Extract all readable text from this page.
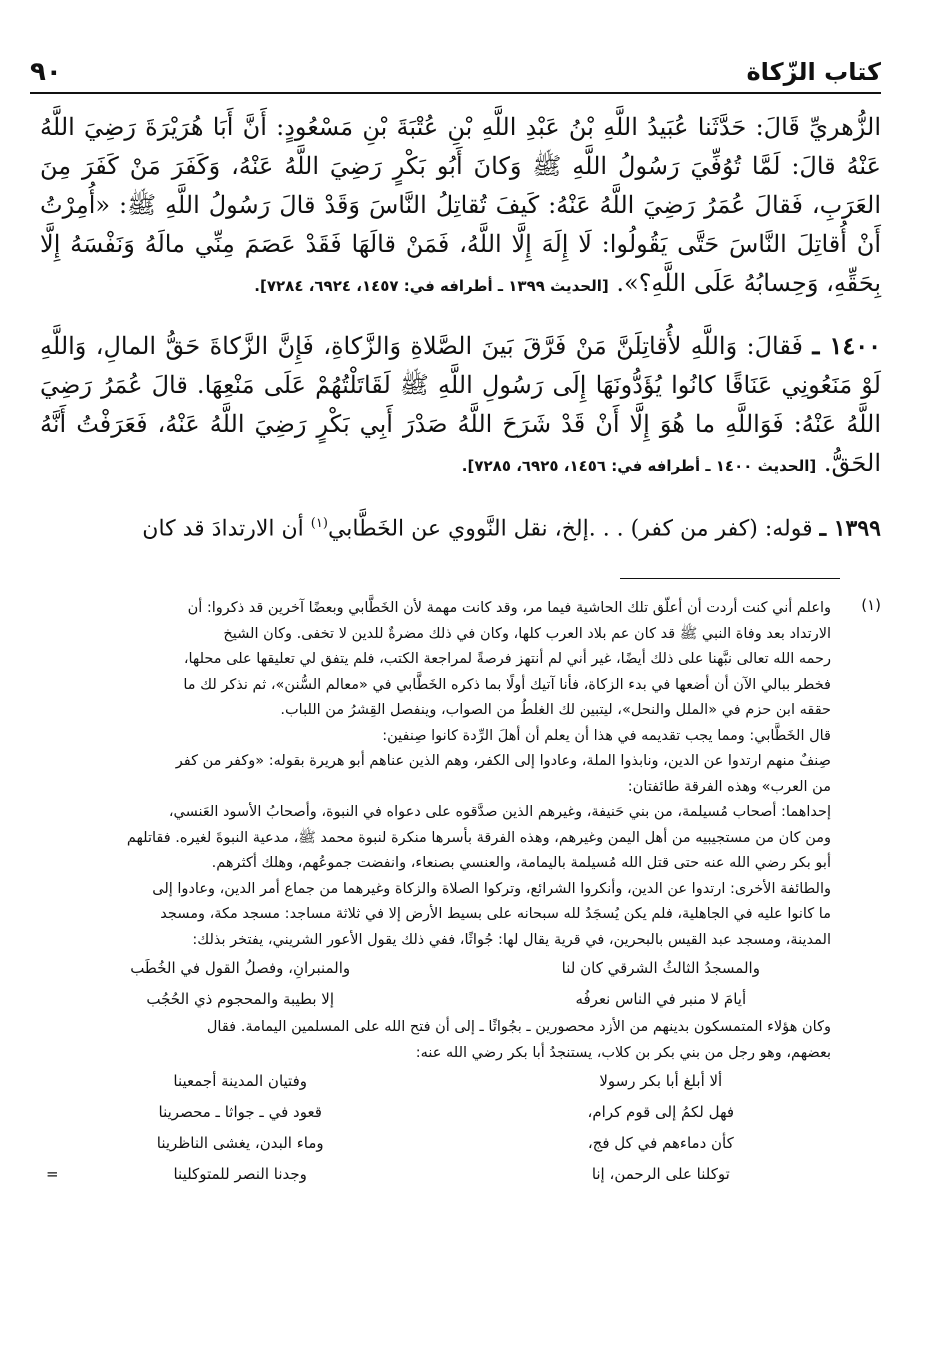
كتاب الزّكاة
٩٠

الزُّهريِّ قَالَ: حَدَّثَنا عُبَيدُ اللَّهِ بْنُ عَبْدِ اللَّهِ بْنِ عُتْبَةَ بْنِ مَسْعُودٍ: أَنَّ أَبَا هُرَيْرَةَ رَضِيَ اللَّهُ عَنْهُ قالَ: لَمَّا تُوُفِّيَ رَسُولُ اللَّهِ ﷺ وَكانَ أَبُو بَكْرٍ رَضِيَ اللَّهُ عَنْهُ، وَكَفَرَ مَنْ كَفَرَ مِنَ العَرَبِ، فَقالَ عُمَرُ رَضِيَ اللَّهُ عَنْهُ: كَيفَ تُقاتِلُ النَّاسَ وَقَدْ قالَ رَسُولُ اللَّهِ ﷺ: «أُمِرْتُ أَنْ أُقاتِلَ النَّاسَ حَتَّى يَقُولُوا: لَا إِلَهَ إِلَّا اللَّهُ، فَمَنْ قالَهَا فَقَدْ عَصَمَ مِنِّي مالَهُ وَنَفْسَهُ إِلَّا بِحَقِّهِ، وَحِسابُهُ عَلَى اللَّهِ؟». [الحديث ١٣٩٩ ـ أطرافه في: ١٤٥٧، ٦٩٢٤، ٧٢٨٤].

١٤٠٠ ـ فَقالَ: وَاللَّهِ لأُقاتِلَنَّ مَنْ فَرَّقَ بَينَ الصَّلاةِ وَالزَّكاةِ، فَإِنَّ الزَّكاةَ حَقُّ المالِ، وَاللَّهِ لَوْ مَنَعُونِي عَنَاقًا كانُوا يُؤَدُّونَهَا إِلَى رَسُولِ اللَّهِ ﷺ لَقَاتَلْتُهُمْ عَلَى مَنْعِهَا. قالَ عُمَرُ رَضِيَ اللَّهُ عَنْهُ: فَوَاللَّهِ ما هُوَ إِلَّا أَنْ قَدْ شَرَحَ اللَّهُ صَدْرَ أَبِي بَكْرٍ رَضِيَ اللَّهُ عَنْهُ، فَعَرَفْتُ أَنَّهُ الحَقُّ. [الحديث ١٤٠٠ ـ أطرافه في: ١٤٥٦، ٦٩٢٥، ٧٢٨٥].

١٣٩٩ ـ قوله: (كفر من كفر) . . .إلخ، نقل النَّووي عن الخَطَّابي$^{(١)}$ أن الارتدادَ قد كان

(١)

واعلم أني كنت أردت أن أعلّق تلك الحاشية فيما مر، وقد كانت مهمة لأن الخَطَّابي وبعضًا آخرين قد ذكروا: أن

الارتداد بعد وفاة النبي ﷺ قد كان عم بلاد العرب كلها، وكان في ذلك مضرةٌ للدين لا تخفى. وكان الشيخ

رحمه الله تعالى نبَّهنا على ذلك أيضًا، غير أني لم أنتهز فرصةً لمراجعة الكتب، فلم يتفق لي تعليقها على محلها،

فخطر ببالي الآن أن أضعها في بدء الزكاة، فأنا آتيك أولًا بما ذكره الخَطَّابي في «معالم السُّنن»، ثم نذكر لك ما

حققه ابن حزم في «الملل والنحل»، ليتبين لك الغلطُ من الصواب، وينفصل القِشرُ من اللباب.

قال الخَطَّابي: ومما يجب تقديمه في هذا أن يعلم أن أهلَ الرِّدة كانوا صِنفين:

صِنفٌ منهم ارتدوا عن الدين، ونابذوا الملة، وعادوا إلى الكفر، وهم الذين عناهم أبو هريرة بقوله: «وكفر من كفر

من العرب» وهذه الفرقة طائفتان:

إحداهما: أصحاب مُسيلمة، من بني حَنيفة، وغيرهم الذين صدَّقوه على دعواه في النبوة، وأصحابُ الأسود العَنسي،

ومن كان من مستجيبيه من أهل اليمن وغيرهم، وهذه الفرقة بأسرها منكرة لنبوة محمد ﷺ، مدعية النبوةَ لغيره. فقاتلهم

أبو بكر رضي الله عنه حتى قتل الله مُسيلمة باليمامة، والعنسي بصنعاء، وانفضت جموعُهم، وهلك أكثرهم.

والطائفة الأخرى: ارتدوا عن الدين، وأنكروا الشرائع، وتركوا الصلاة والزكاة وغيرهما من جماع أمر الدين، وعادوا إلى

ما كانوا عليه في الجاهلية، فلم يكن يُسجَدُ لله سبحانه على بسيط الأرض إلا في ثلاثة مساجد: مسجد مكة، ومسجد

المدينة، ومسجد عبد القيس بالبحرين، في قرية يقال لها: جُواثًا، ففي ذلك يقول الأعور الشريني، يفتخر بذلك:

والمسجدُ الثالثُ الشرقي كان لنا
والمنبرانِ، وفصلُ القول في الخُطَب
أيامَ لا منبر في الناس نعرفُه
إلا بطيبة والمحجوم ذي الحُجُب

وكان هؤلاء المتمسكون بدينهم من الأزد محصورين ـ بجُواثًا ـ إلى أن فتح الله على المسلمين اليمامة. فقال

بعضهم، وهو رجل من بني بكر بن كلاب، يستنجدُ أبا بكر رضي الله عنه:

ألا أبلغ أبا بكر رسولا
وفتيان المدينة أجمعينا
فهل لكمُ إلى قوم كرام،
قعود في ـ جواثا ـ محصرينا
كأن دماءهم في كل فج،
وماء البدن، يغشى الناظرينا
توكلنا على الرحمن، إنا
وجدنا النصر للمتوكلينا
=
